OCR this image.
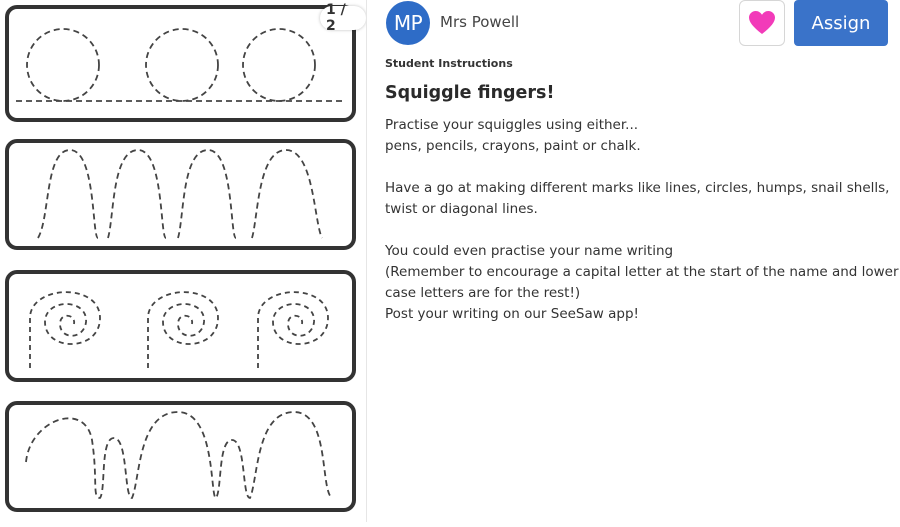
1 / 2	MP	Mrs Powell	Assign
Student Instructions
Squiggle fingers!
Practise your squiggles using either...
pens, pencils, crayons, paint or chalk.
Have a go at making different marks like lines, circles, humps, snail shells,
twist or diagonal lines.
You could even practise your name writing
(Remember to encourage a capital letter at the start of the name and lower
case letters are for the rest!)
Post your writing on our SeeSaw app!
